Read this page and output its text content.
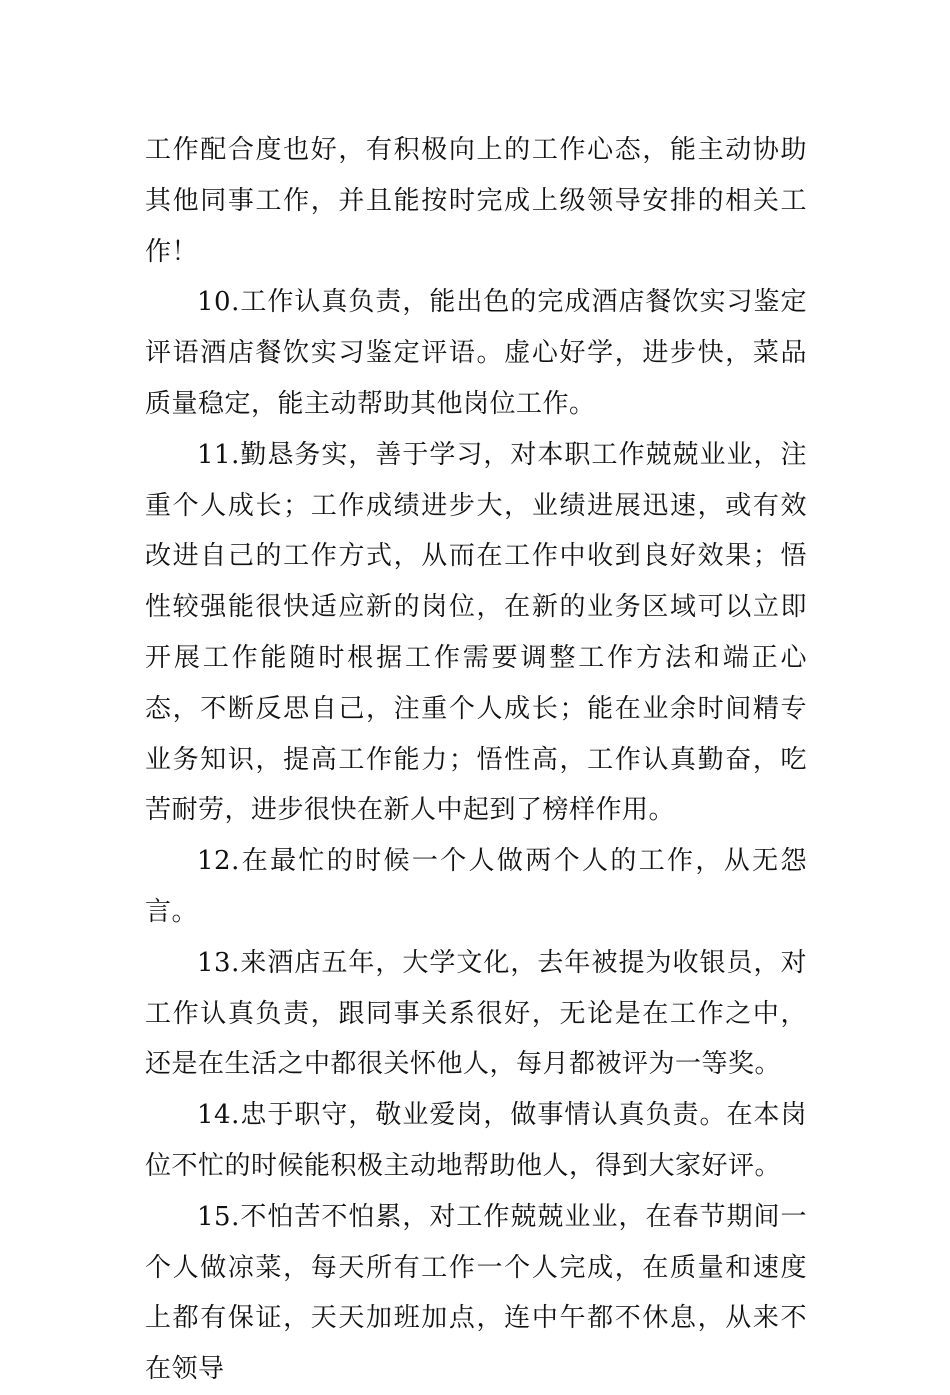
工作配合度也好，有积极向上的工作心态，能主动协助其他同事工作，并且能按时完成上级领导安排的相关工作！

10.工作认真负责，能出色的完成酒店餐饮实习鉴定评语酒店餐饮实习鉴定评语。虚心好学，进步快，菜品质量稳定，能主动帮助其他岗位工作。

11.勤恳务实，善于学习，对本职工作兢兢业业，注重个人成长；工作成绩进步大，业绩进展迅速，或有效改进自己的工作方式，从而在工作中收到良好效果；悟性较强能很快适应新的岗位，在新的业务区域可以立即开展工作能随时根据工作需要调整工作方法和端正心态，不断反思自己，注重个人成长；能在业余时间精专业务知识，提高工作能力；悟性高，工作认真勤奋，吃苦耐劳，进步很快在新人中起到了榜样作用。

12.在最忙的时候一个人做两个人的工作，从无怨言。

13.来酒店五年，大学文化，去年被提为收银员，对工作认真负责，跟同事关系很好，无论是在工作之中，还是在生活之中都很关怀他人，每月都被评为一等奖。

14.忠于职守，敬业爱岗，做事情认真负责。在本岗位不忙的时候能积极主动地帮助他人，得到大家好评。

15.不怕苦不怕累，对工作兢兢业业，在春节期间一个人做凉菜，每天所有工作一个人完成，在质量和速度上都有保证，天天加班加点，连中午都不休息，从来不在领导
